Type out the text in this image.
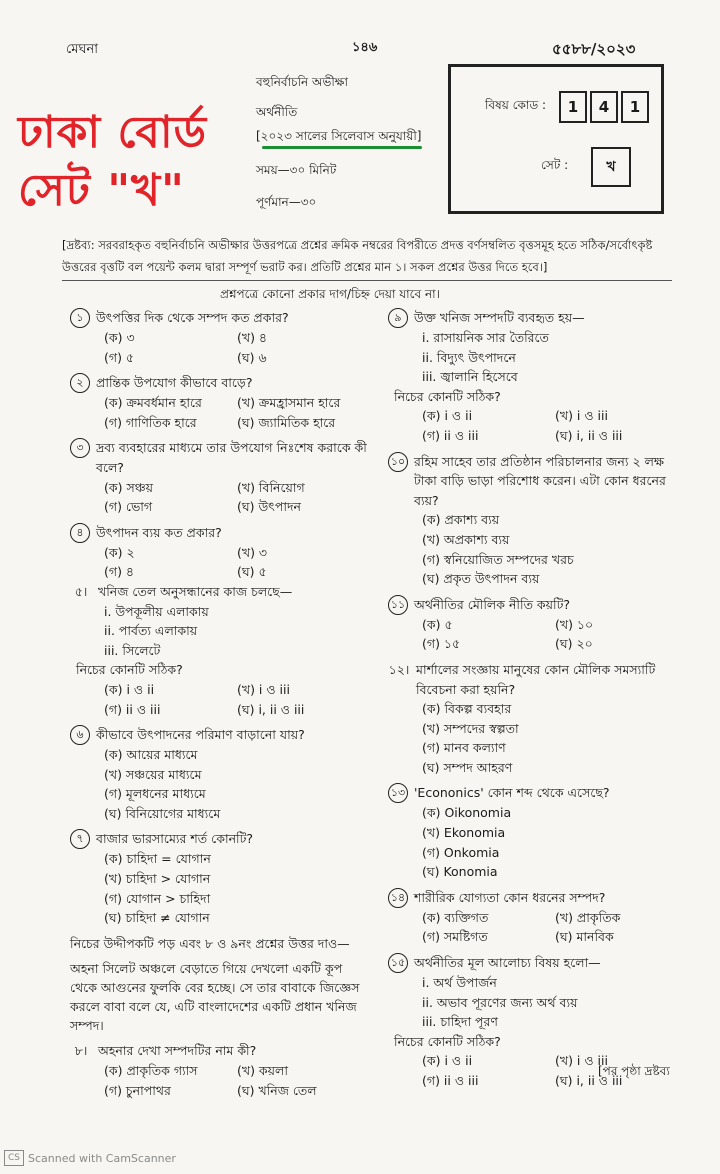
মেঘনা	১৪৬	৫৫৮৮/২০২৩
ঢাকা বোর্ড
সেট "খ"
বহুনির্বাচনি অভীক্ষা
অর্থনীতি
[২০২৩ সালের সিলেবাস অনুযায়ী]
সময়—৩০ মিনিট
পূর্ণমান—৩০
বিষয় কোড :	1	4	1
সেট :	খ
[দ্রষ্টব্য: সরবরাহকৃত বহুনির্বাচনি অভীক্ষার উত্তরপত্রে প্রশ্নের ক্রমিক নম্বরের বিপরীতে প্রদত্ত বর্ণসম্বলিত বৃত্তসমূহ হতে সঠিক/সর্বোৎকৃষ্ট উত্তরের বৃত্তটি বল পয়েন্ট কলম দ্বারা সম্পূর্ণ ভরাট কর। প্রতিটি প্রশ্নের মান ১। সকল প্রশ্নের উত্তর দিতে হবে।]
প্রশ্নপত্রে কোনো প্রকার দাগ/চিহ্ন দেয়া যাবে না।
১ উৎপত্তির দিক থেকে সম্পদ কত প্রকার?
(ক) ৩	(খ) ৪
(গ) ৫	(ঘ) ৬
২ প্রান্তিক উপযোগ কীভাবে বাড়ে?
(ক) ক্রমবর্ধমান হারে	(খ) ক্রমহ্রাসমান হারে
(গ) গাণিতিক হারে	(ঘ) জ্যামিতিক হারে
৩ দ্রব্য ব্যবহারের মাধ্যমে তার উপযোগ নিঃশেষ করাকে কী বলে?
(ক) সঞ্চয়	(খ) বিনিয়োগ
(গ) ভোগ	(ঘ) উৎপাদন
৪ উৎপাদন ব্যয় কত প্রকার?
(ক) ২	(খ) ৩
(গ) ৪	(ঘ) ৫
৫। খনিজ তেল অনুসন্ধানের কাজ চলছে—
i. উপকূলীয় এলাকায়
ii. পার্বত্য এলাকায়
iii. সিলেটে
নিচের কোনটি সঠিক?
(ক) i ও ii	(খ) i ও iii
(গ) ii ও iii	(ঘ) i, ii ও iii
৬ কীভাবে উৎপাদনের পরিমাণ বাড়ানো যায়?
(ক) আয়ের মাধ্যমে
(খ) সঞ্চয়ের মাধ্যমে
(গ) মূলধনের মাধ্যমে
(ঘ) বিনিয়োগের মাধ্যমে
৭ বাজার ভারসাম্যের শর্ত কোনটি?
(ক) চাহিদা = যোগান
(খ) চাহিদা > যোগান
(গ) যোগান > চাহিদা
(ঘ) চাহিদা ≠ যোগান
নিচের উদ্দীপকটি পড় এবং ৮ ও ৯নং প্রশ্নের উত্তর দাও—
অহনা সিলেট অঞ্চলে বেড়াতে গিয়ে দেখলো একটি কূপ থেকে আগুনের ফুলকি বের হচ্ছে। সে তার বাবাকে জিজ্ঞেস করলে বাবা বলে যে, এটি বাংলাদেশের একটি প্রধান খনিজ সম্পদ।
৮। অহনার দেখা সম্পদটির নাম কী?
(ক) প্রাকৃতিক গ্যাস	(খ) কয়লা
(গ) চুনাপাথর	(ঘ) খনিজ তেল
৯ উক্ত খনিজ সম্পদটি ব্যবহৃত হয়—
i. রাসায়নিক সার তৈরিতে
ii. বিদ্যুৎ উৎপাদনে
iii. জ্বালানি হিসেবে
নিচের কোনটি সঠিক?
(ক) i ও ii	(খ) i ও iii
(গ) ii ও iii	(ঘ) i, ii ও iii
১০ রহিম সাহেব তার প্রতিষ্ঠান পরিচালনার জন্য ২ লক্ষ টাকা বাড়ি ভাড়া পরিশোধ করেন। এটা কোন ধরনের ব্যয়?
(ক) প্রকাশ্য ব্যয়
(খ) অপ্রকাশ্য ব্যয়
(গ) স্বনিয়োজিত সম্পদের খরচ
(ঘ) প্রকৃত উৎপাদন ব্যয়
১১ অর্থনীতির মৌলিক নীতি কয়টি?
(ক) ৫	(খ) ১০
(গ) ১৫	(ঘ) ২০
১২। মার্শালের সংজ্ঞায় মানুষের কোন মৌলিক সমস্যাটি বিবেচনা করা হয়নি?
(ক) বিকল্প ব্যবহার
(খ) সম্পদের স্বল্পতা
(গ) মানব কল্যাণ
(ঘ) সম্পদ আহরণ
১৩ 'Econonics' কোন শব্দ থেকে এসেছে?
(ক) Oikonomia
(খ) Ekonomia
(গ) Onkomia
(ঘ) Konomia
১৪ শারীরিক যোগ্যতা কোন ধরনের সম্পদ?
(ক) ব্যক্তিগত	(খ) প্রাকৃতিক
(গ) সমষ্টিগত	(ঘ) মানবিক
১৫ অর্থনীতির মূল আলোচ্য বিষয় হলো—
i. অর্থ উপার্জন
ii. অভাব পূরণের জন্য অর্থ ব্যয়
iii. চাহিদা পূরণ
নিচের কোনটি সঠিক?
(ক) i ও ii	(খ) i ও iii
(গ) ii ও iii	(ঘ) i, ii ও iii
[পর পৃষ্ঠা দ্রষ্টব্য
CS Scanned with CamScanner
